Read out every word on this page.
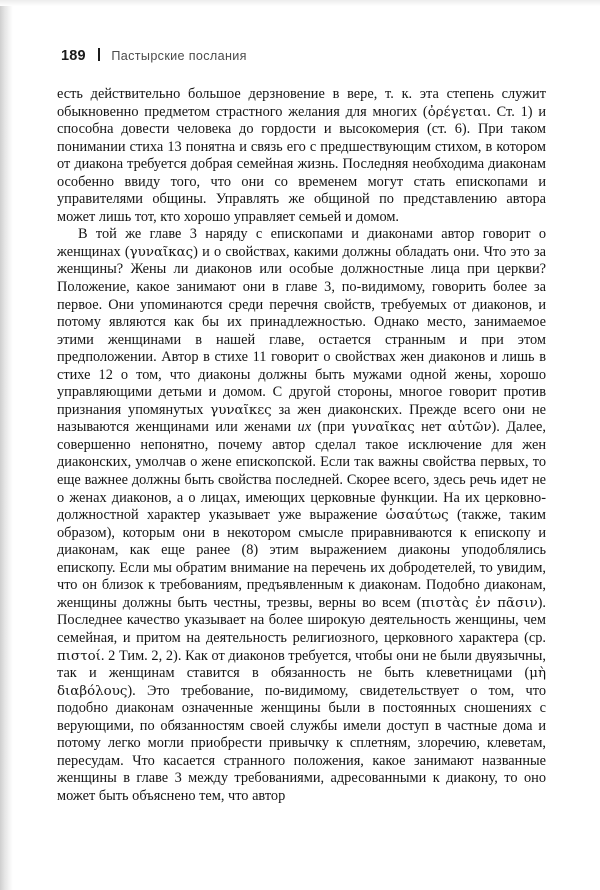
189 Пастырские послания

есть действительно большое дерзновение в вере, т. к. эта степень служит обыкновенно предметом страстного желания для многих (ὀρέγεται. Ст. 1) и способна довести человека до гордости и высокомерия (ст. 6). При таком понимании стиха 13 понятна и связь его с предшествующим стихом, в котором от диакона требуется добрая семейная жизнь. Последняя необходима диаконам особенно ввиду того, что они со временем могут стать епископами и управителями общины. Управлять же общиной по представлению автора может лишь тот, кто хорошо управляет семьей и домом.

В той же главе 3 наряду с епископами и диаконами автор говорит о женщинах (γυναῖκας) и о свойствах, какими должны обладать они. Что это за женщины? Жены ли диаконов или особые должностные лица при церкви? Положение, какое занимают они в главе 3, по-видимому, говорить более за первое. Они упоминаются среди перечня свойств, требуемых от диаконов, и потому являются как бы их принадлежностью. Однако место, занимаемое этими женщинами в нашей главе, остается странным и при этом предположении. Автор в стихе 11 говорит о свойствах жен диаконов и лишь в стихе 12 о том, что диаконы должны быть мужами одной жены, хорошо управляющими детьми и домом. С другой стороны, многое говорит против признания упомянутых γυναῖκες за жен диаконских. Прежде всего они не называются женщинами или женами их (при γυναῖκας нет αὐτῶν). Далее, совершенно непонятно, почему автор сделал такое исключение для жен диаконских, умолчав о жене епископской. Если так важны свойства первых, то еще важнее должны быть свойства последней. Скорее всего, здесь речь идет не о женах диаконов, а о лицах, имеющих церковные функции. На их церковно-должностной характер указывает уже выражение ὡσαύτως (также, таким образом), которым они в некотором смысле приравниваются к епископу и диаконам, как еще ранее (8) этим выражением диаконы уподоблялись епископу. Если мы обратим внимание на перечень их добродетелей, то увидим, что он близок к требованиям, предъявленным к диаконам. Подобно диаконам, женщины должны быть честны, трезвы, верны во всем (πιστὰς ἐν πᾶσιν). Последнее качество указывает на более широкую деятельность женщины, чем семейная, и притом на деятельность религиозного, церковного характера (ср. πιστοί. 2 Тим. 2, 2). Как от диаконов требуется, чтобы они не были двуязычны, так и женщинам ставится в обязанность не быть клеветницами (μὴ διαβόλους). Это требование, по-видимому, свидетельствует о том, что подобно диаконам означенные женщины были в постоянных сношениях с верующими, по обязанностям своей службы имели доступ в частные дома и потому легко могли приобрести привычку к сплетням, злоречию, клеветам, пересудам. Что касается странного положения, какое занимают названные женщины в главе 3 между требованиями, адресованными к диакону, то оно может быть объяснено тем, что автор
